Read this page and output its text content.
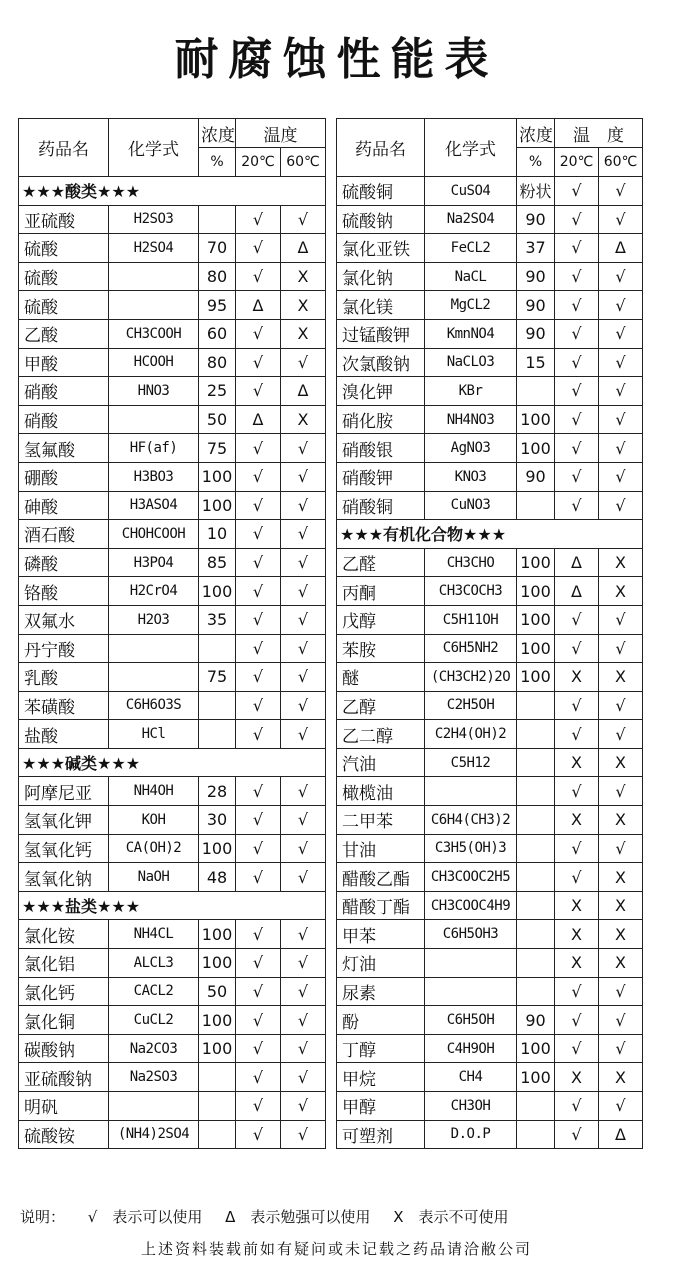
耐腐蚀性能表
药品名	化学式	浓度	温度	
		%	20℃	60℃
★★★酸类★★★				
亚硫酸	H2SO3		√	√
硫酸	H2SO4	70	√	Δ
硫酸		80	√	X
硫酸		95	Δ	X
乙酸	CH3COOH	60	√	X
甲酸	HCOOH	80	√	√
硝酸	HNO3	25	√	Δ
硝酸		50	Δ	X
氢氟酸	HF(af)	75	√	√
硼酸	H3BO3	100	√	√
砷酸	H3ASO4	100	√	√
酒石酸	CHOHCOOH	10	√	√
磷酸	H3PO4	85	√	√
铬酸	H2CrO4	100	√	√
双氟水	H2O3	35	√	√
丹宁酸			√	√
乳酸		75	√	√
苯磺酸	C6H6O3S		√	√
盐酸	HCl		√	√
★★★碱类★★★				
阿摩尼亚	NH4OH	28	√	√
氢氧化钾	KOH	30	√	√
氢氧化钙	CA(OH)2	100	√	√
氢氧化钠	NaOH	48	√	√
★★★盐类★★★				
氯化铵	NH4CL	100	√	√
氯化铝	ALCL3	100	√	√
氯化钙	CACL2	50	√	√
氯化铜	CuCL2	100	√	√
碳酸钠	Na2CO3	100	√	√
亚硫酸钠	Na2SO3		√	√
明矾			√	√
硫酸铵	(NH4)2SO4		√	√
药品名	化学式	浓度	温　度	
		%	20℃	60℃
硫酸铜	CuSO4	粉状	√	√
硫酸钠	Na2SO4	90	√	√
氯化亚铁	FeCL2	37	√	Δ
氯化钠	NaCL	90	√	√
氯化镁	MgCL2	90	√	√
过锰酸钾	KmnNO4	90	√	√
次氯酸钠	NaCLO3	15	√	√
溴化钾	KBr		√	√
硝化胺	NH4NO3	100	√	√
硝酸银	AgNO3	100	√	√
硝酸钾	KNO3	90	√	√
硝酸铜	CuNO3		√	√
★★★有机化合物★★★				
乙醛	CH3CHO	100	Δ	X
丙酮	CH3COCH3	100	Δ	X
戊醇	C5H11OH	100	√	√
苯胺	C6H5NH2	100	√	√
醚	(CH3CH2)2O	100	X	X
乙醇	C2H5OH		√	√
乙二醇	C2H4(OH)2		√	√
汽油	C5H12		X	X
橄榄油			√	√
二甲苯	C6H4(CH3)2		X	X
甘油	C3H5(OH)3		√	√
醋酸乙酯	CH3COOC2H5		√	X
醋酸丁酯	CH3COOC4H9		X	X
甲苯	C6H5OH3		X	X
灯油			X	X
尿素			√	√
酚	C6H5OH	90	√	√
丁醇	C4H9OH	100	√	√
甲烷	CH4	100	X	X
甲醇	CH3OH		√	√
可塑剂	D.O.P		√	Δ
说明： √　表示可以使用 Δ　表示勉强可以使用 X　表示不可使用
上述资料装载前如有疑问或未记载之药品请洽敝公司
